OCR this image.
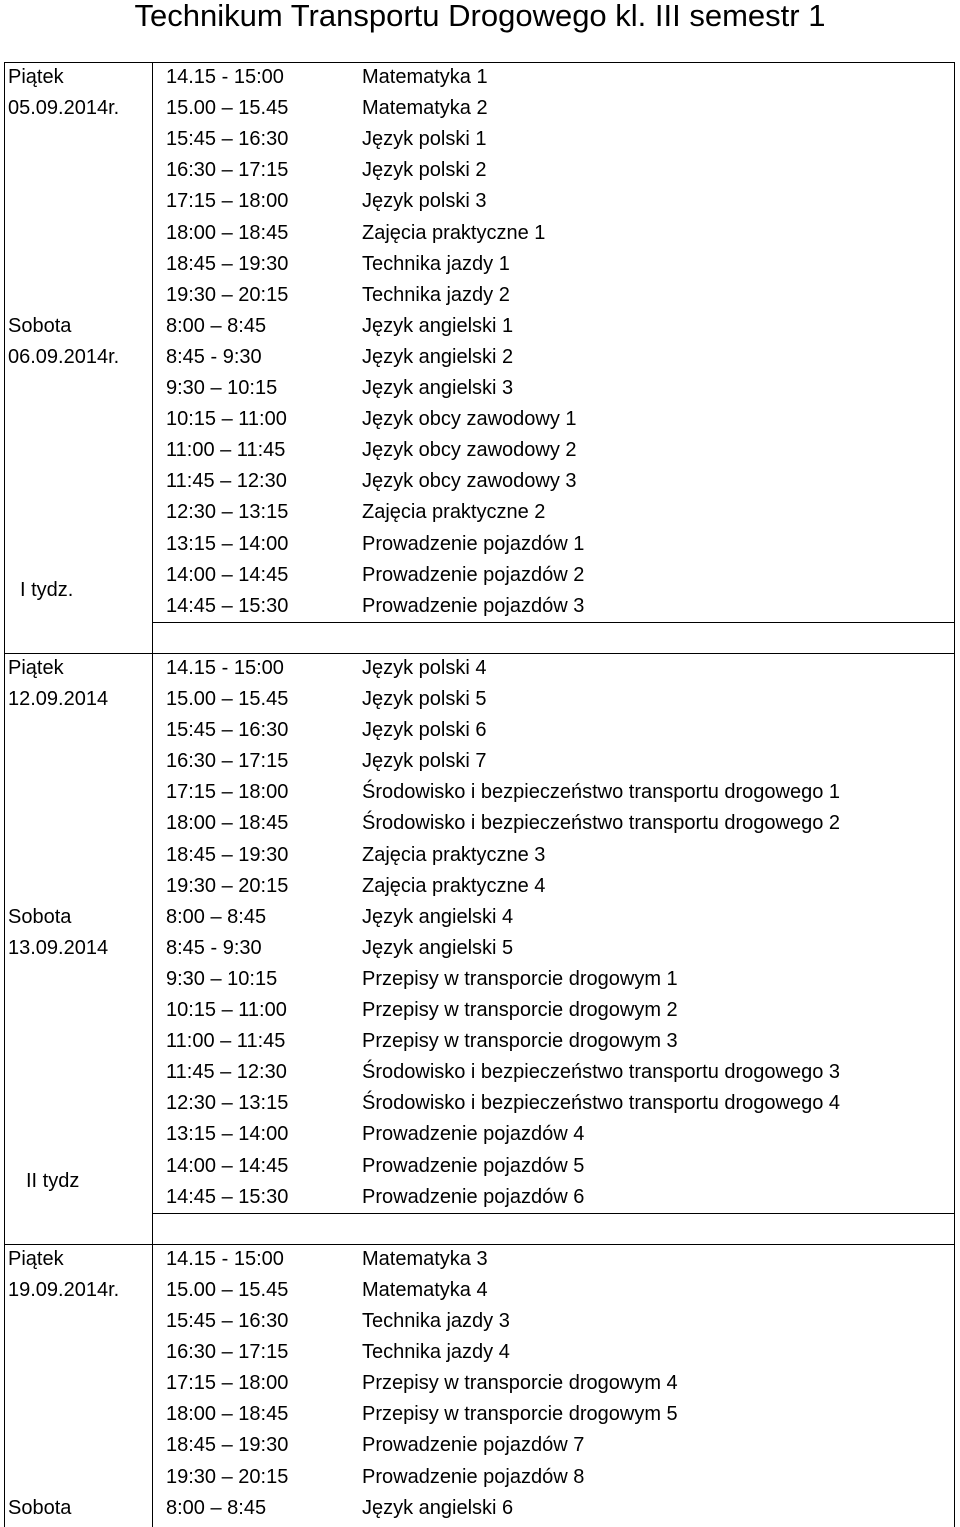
Technikum Transportu Drogowego kl. III semestr 1
Piątek
05.09.2014r.
14.15 - 15:00	Matematyka 1
15.00 – 15.45	Matematyka 2
15:45 – 16:30	Język polski 1
16:30 – 17:15	Język polski 2
17:15 – 18:00	Język polski 3
18:00 – 18:45	Zajęcia praktyczne 1
18:45 – 19:30	Technika jazdy 1
19:30 – 20:15	Technika jazdy 2
Sobota
06.09.2014r.
8:00 – 8:45	Język angielski 1
8:45 - 9:30	Język angielski 2
9:30 – 10:15	Język angielski 3
10:15 – 11:00	Język obcy zawodowy 1
11:00 – 11:45	Język obcy zawodowy 2
11:45 – 12:30	Język obcy zawodowy 3
12:30 – 13:15	Zajęcia praktyczne 2
13:15 – 14:00	Prowadzenie pojazdów 1
14:00 – 14:45	Prowadzenie pojazdów 2
14:45 – 15:30	Prowadzenie pojazdów 3
I tydz.
Piątek
12.09.2014
14.15 - 15:00	Język polski 4
15.00 – 15.45	Język polski 5
15:45 – 16:30	Język polski 6
16:30 – 17:15	Język polski 7
17:15 – 18:00	Środowisko i bezpieczeństwo transportu drogowego 1
18:00 – 18:45	Środowisko i bezpieczeństwo transportu drogowego 2
18:45 – 19:30	Zajęcia praktyczne 3
19:30 – 20:15	Zajęcia praktyczne 4
Sobota
13.09.2014
8:00 – 8:45	Język angielski 4
8:45 - 9:30	Język angielski 5
9:30 – 10:15	Przepisy w transporcie drogowym 1
10:15 – 11:00	Przepisy w transporcie drogowym 2
11:00 – 11:45	Przepisy w transporcie drogowym 3
11:45 – 12:30	Środowisko i bezpieczeństwo transportu drogowego 3
12:30 – 13:15	Środowisko i bezpieczeństwo transportu drogowego 4
13:15 – 14:00	Prowadzenie pojazdów 4
14:00 – 14:45	Prowadzenie pojazdów 5
14:45 – 15:30	Prowadzenie pojazdów 6
II tydz
Piątek
19.09.2014r.
14.15 - 15:00	Matematyka 3
15.00 – 15.45	Matematyka 4
15:45 – 16:30	Technika jazdy 3
16:30 – 17:15	Technika jazdy 4
17:15 – 18:00	Przepisy w transporcie drogowym 4
18:00 – 18:45	Przepisy w transporcie drogowym 5
18:45 – 19:30	Prowadzenie pojazdów 7
19:30 – 20:15	Prowadzenie pojazdów 8
Sobota	8:00 – 8:45	Język angielski 6
